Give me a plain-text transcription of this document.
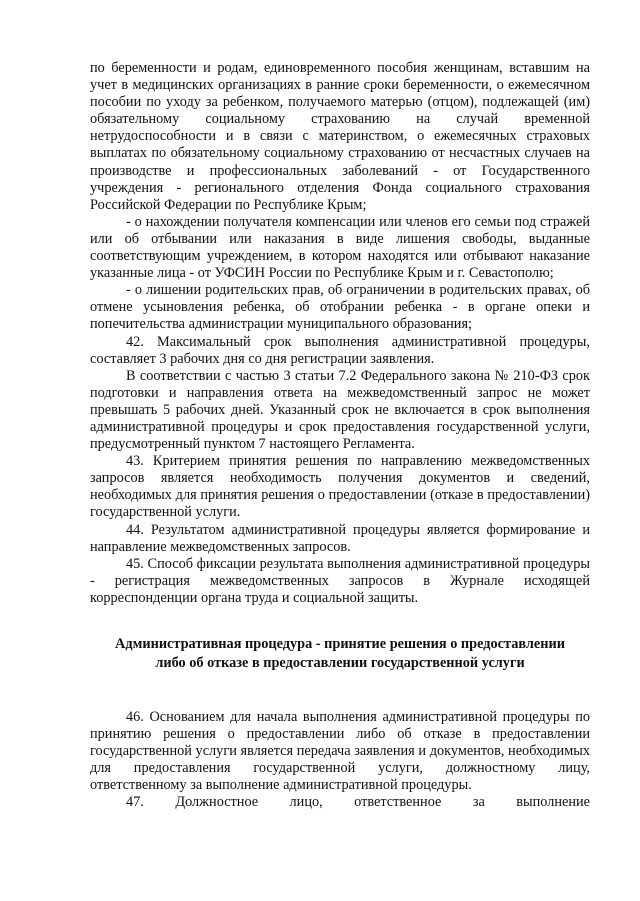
по беременности и родам, единовременного пособия женщинам, вставшим на учет в медицинских организациях в ранние сроки беременности, о ежемесячном пособии по уходу за ребенком, получаемого матерью (отцом), подлежащей (им) обязательному социальному страхованию на случай временной нетрудоспособности и в связи с материнством, о ежемесячных страховых выплатах по обязательному социальному страхованию от несчастных случаев на производстве и профессиональных заболеваний - от Государственного учреждения - регионального отделения Фонда социального страхования Российской Федерации по Республике Крым;

- о нахождении получателя компенсации или членов его семьи под стражей или об отбывании или наказания в виде лишения свободы, выданные соответствующим учреждением, в котором находятся или отбывают наказание указанные лица - от УФСИН России по Республике Крым и г. Севастополю;

- о лишении родительских прав, об ограничении в родительских правах, об отмене усыновления ребенка, об отобрании ребенка - в органе опеки и попечительства администрации муниципального образования;

42. Максимальный срок выполнения административной процедуры, составляет 3 рабочих дня со дня регистрации заявления.

В соответствии с частью 3 статьи 7.2 Федерального закона № 210-ФЗ срок подготовки и направления ответа на межведомственный запрос не может превышать 5 рабочих дней. Указанный срок не включается в срок выполнения административной процедуры и срок предоставления государственной услуги, предусмотренный пунктом 7 настоящего Регламента.

43. Критерием принятия решения по направлению межведомственных запросов является необходимость получения документов и сведений, необходимых для принятия решения о предоставлении (отказе в предоставлении) государственной услуги.

44. Результатом административной процедуры является формирование и направление межведомственных запросов.

45. Способ фиксации результата выполнения административной процедуры - регистрация межведомственных запросов в Журнале исходящей корреспонденции органа труда и социальной защиты.

Административная процедура - принятие решения о предоставлении
либо об отказе в предоставлении государственной услуги

46. Основанием для начала выполнения административной процедуры по принятию решения о предоставлении либо об отказе в предоставлении государственной услуги является передача заявления и документов, необходимых для предоставления государственной услуги, должностному лицу, ответственному за выполнение административной процедуры.

47. Должностное лицо, ответственное за выполнение
